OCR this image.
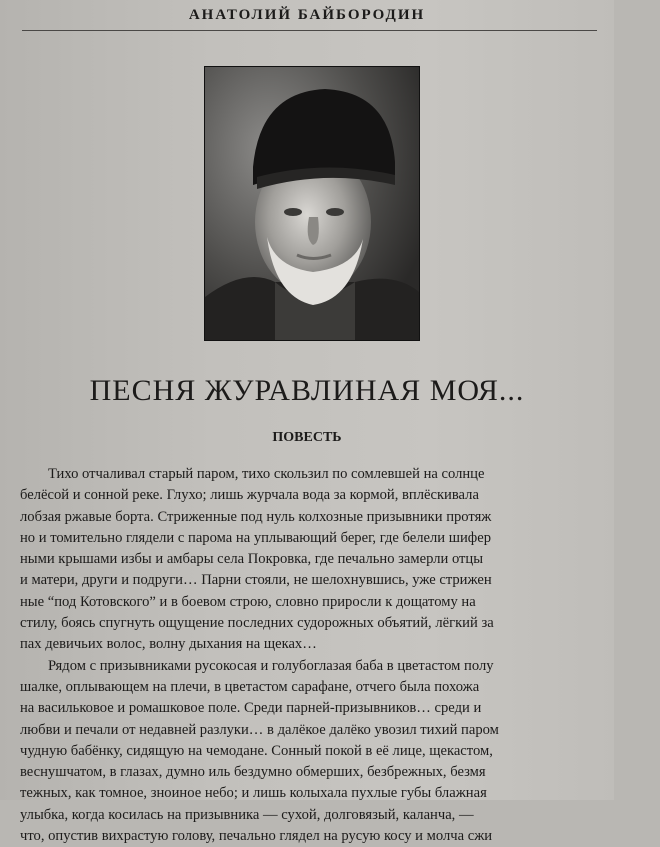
АНАТОЛИЙ БАЙБОРОДИН
ПЕСНЯ ЖУРАВЛИНАЯ МОЯ...
ПОВЕСТЬ
Тихо отчаливал старый паром, тихо скользил по сомлевшей на солнце
белёсой и сонной реке. Глухо; лишь журчала вода за кормой, вплёскивала
лобзая ржавые борта. Стриженные под нуль колхозные призывники протяж
но и томительно глядели с парома на уплывающий берег, где белели шифер
ными крышами избы и амбары села Покровка, где печально замерли отцы
и матери, други и подруги… Парни стояли, не шелохнувшись, уже стрижен
ные “под Котовского” и в боевом строю, словно приросли к дощатому на
стилу, боясь спугнуть ощущение последних судорожных объятий, лёгкий за
пах девичьих волос, волну дыхания на щеках…
Рядом с призывниками русокосая и голубоглазая баба в цветастом полу
шалке, оплывающем на плечи, в цветастом сарафане, отчего была похожа
на васильковое и ромашковое поле. Среди парней-призывников… среди и
любви и печали от недавней разлуки… в далёкое далёко увозил тихий паром
чудную бабёнку, сидящую на чемодане. Сонный покой в её лице, щекастом,
веснушчатом, в глазах, думно иль бездумно обмерших, безбрежных, безмя
тежных, как томное, зноиное небо; и лишь колыхала пухлые губы блажная
улыбка, когда косилась на призывника — сухой, долговязый, каланча, —
что, опустив вихрастую голову, печально глядел на русую косу и молча сжи
